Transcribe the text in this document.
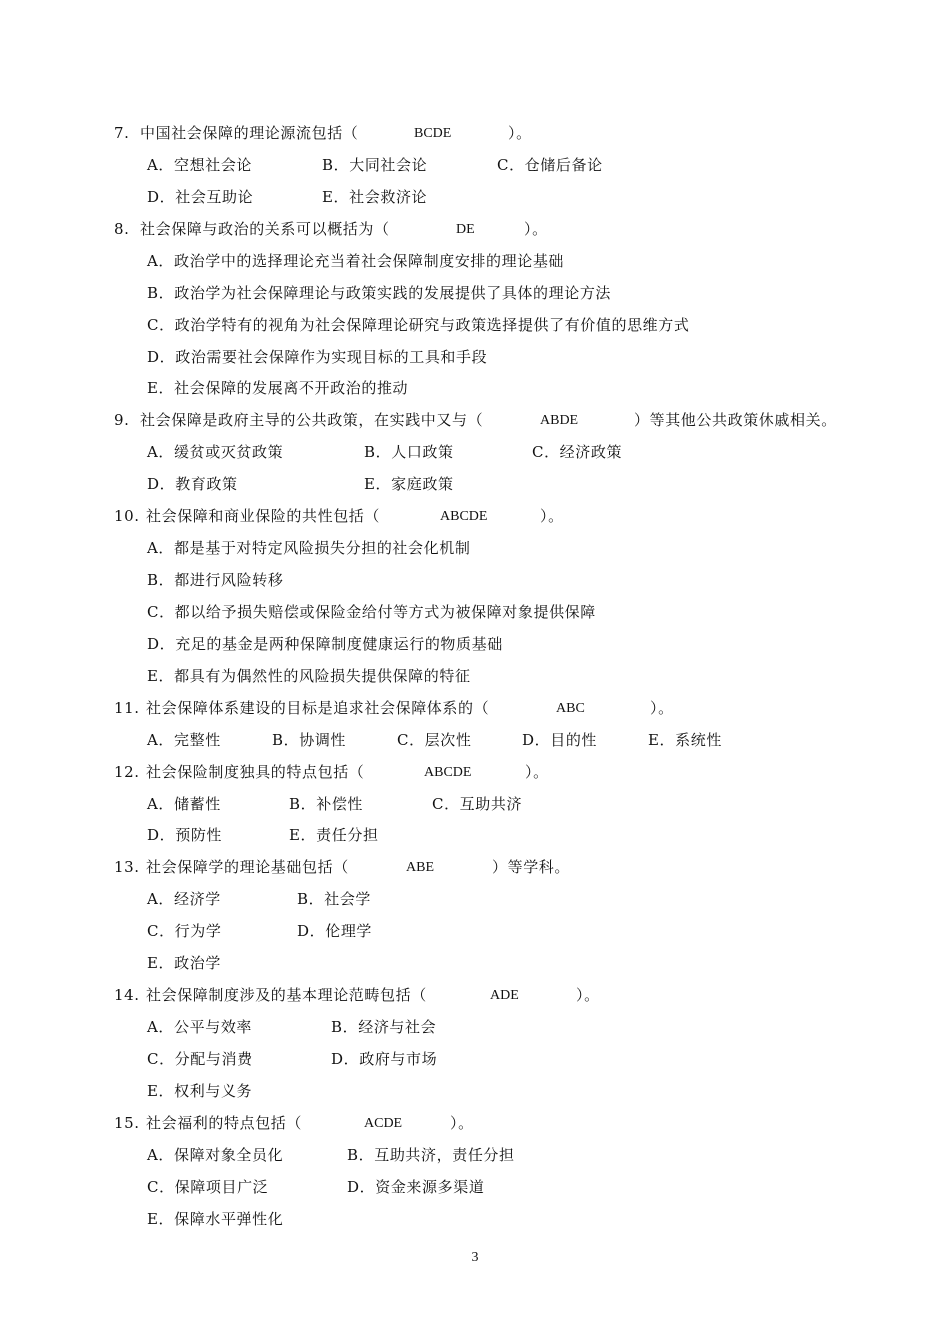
7. 中国社会保障的理论源流包括（	BCDE	）。
A．空想社会论	B．大同社会论	C．仓储后备论
D．社会互助论	E．社会救济论
8. 社会保障与政治的关系可以概括为（	DE	）。
A．政治学中的选择理论充当着社会保障制度安排的理论基础
B．政治学为社会保障理论与政策实践的发展提供了具体的理论方法
C．政治学特有的视角为社会保障理论研究与政策选择提供了有价值的思维方式
D．政治需要社会保障作为实现目标的工具和手段
E．社会保障的发展离不开政治的推动
9. 社会保障是政府主导的公共政策，在实践中又与（	ABDE	）等其他公共政策休戚相关。
A．缓贫或灭贫政策	B．人口政策	C．经济政策
D．教育政策	E．家庭政策
10. 社会保障和商业保险的共性包括（	ABCDE	）。
A．都是基于对特定风险损失分担的社会化机制
B．都进行风险转移
C．都以给予损失赔偿或保险金给付等方式为被保障对象提供保障
D．充足的基金是两种保障制度健康运行的物质基础
E．都具有为偶然性的风险损失提供保障的特征
11. 社会保障体系建设的目标是追求社会保障体系的（	ABC	）。
A．完整性	B．协调性	C．层次性	D．目的性	E．系统性
12. 社会保险制度独具的特点包括（	ABCDE	）。
A．储蓄性	B．补偿性	C．互助共济
D．预防性	E．责任分担
13. 社会保障学的理论基础包括（	ABE	）等学科。
A．经济学	B．社会学
C．行为学	D．伦理学
E．政治学
14. 社会保障制度涉及的基本理论范畴包括（	ADE	）。
A．公平与效率	B．经济与社会
C．分配与消费	D．政府与市场
E．权利与义务
15. 社会福利的特点包括（	ACDE	）。
A．保障对象全员化	B．互助共济，责任分担
C．保障项目广泛	D．资金来源多渠道
E．保障水平弹性化
3
